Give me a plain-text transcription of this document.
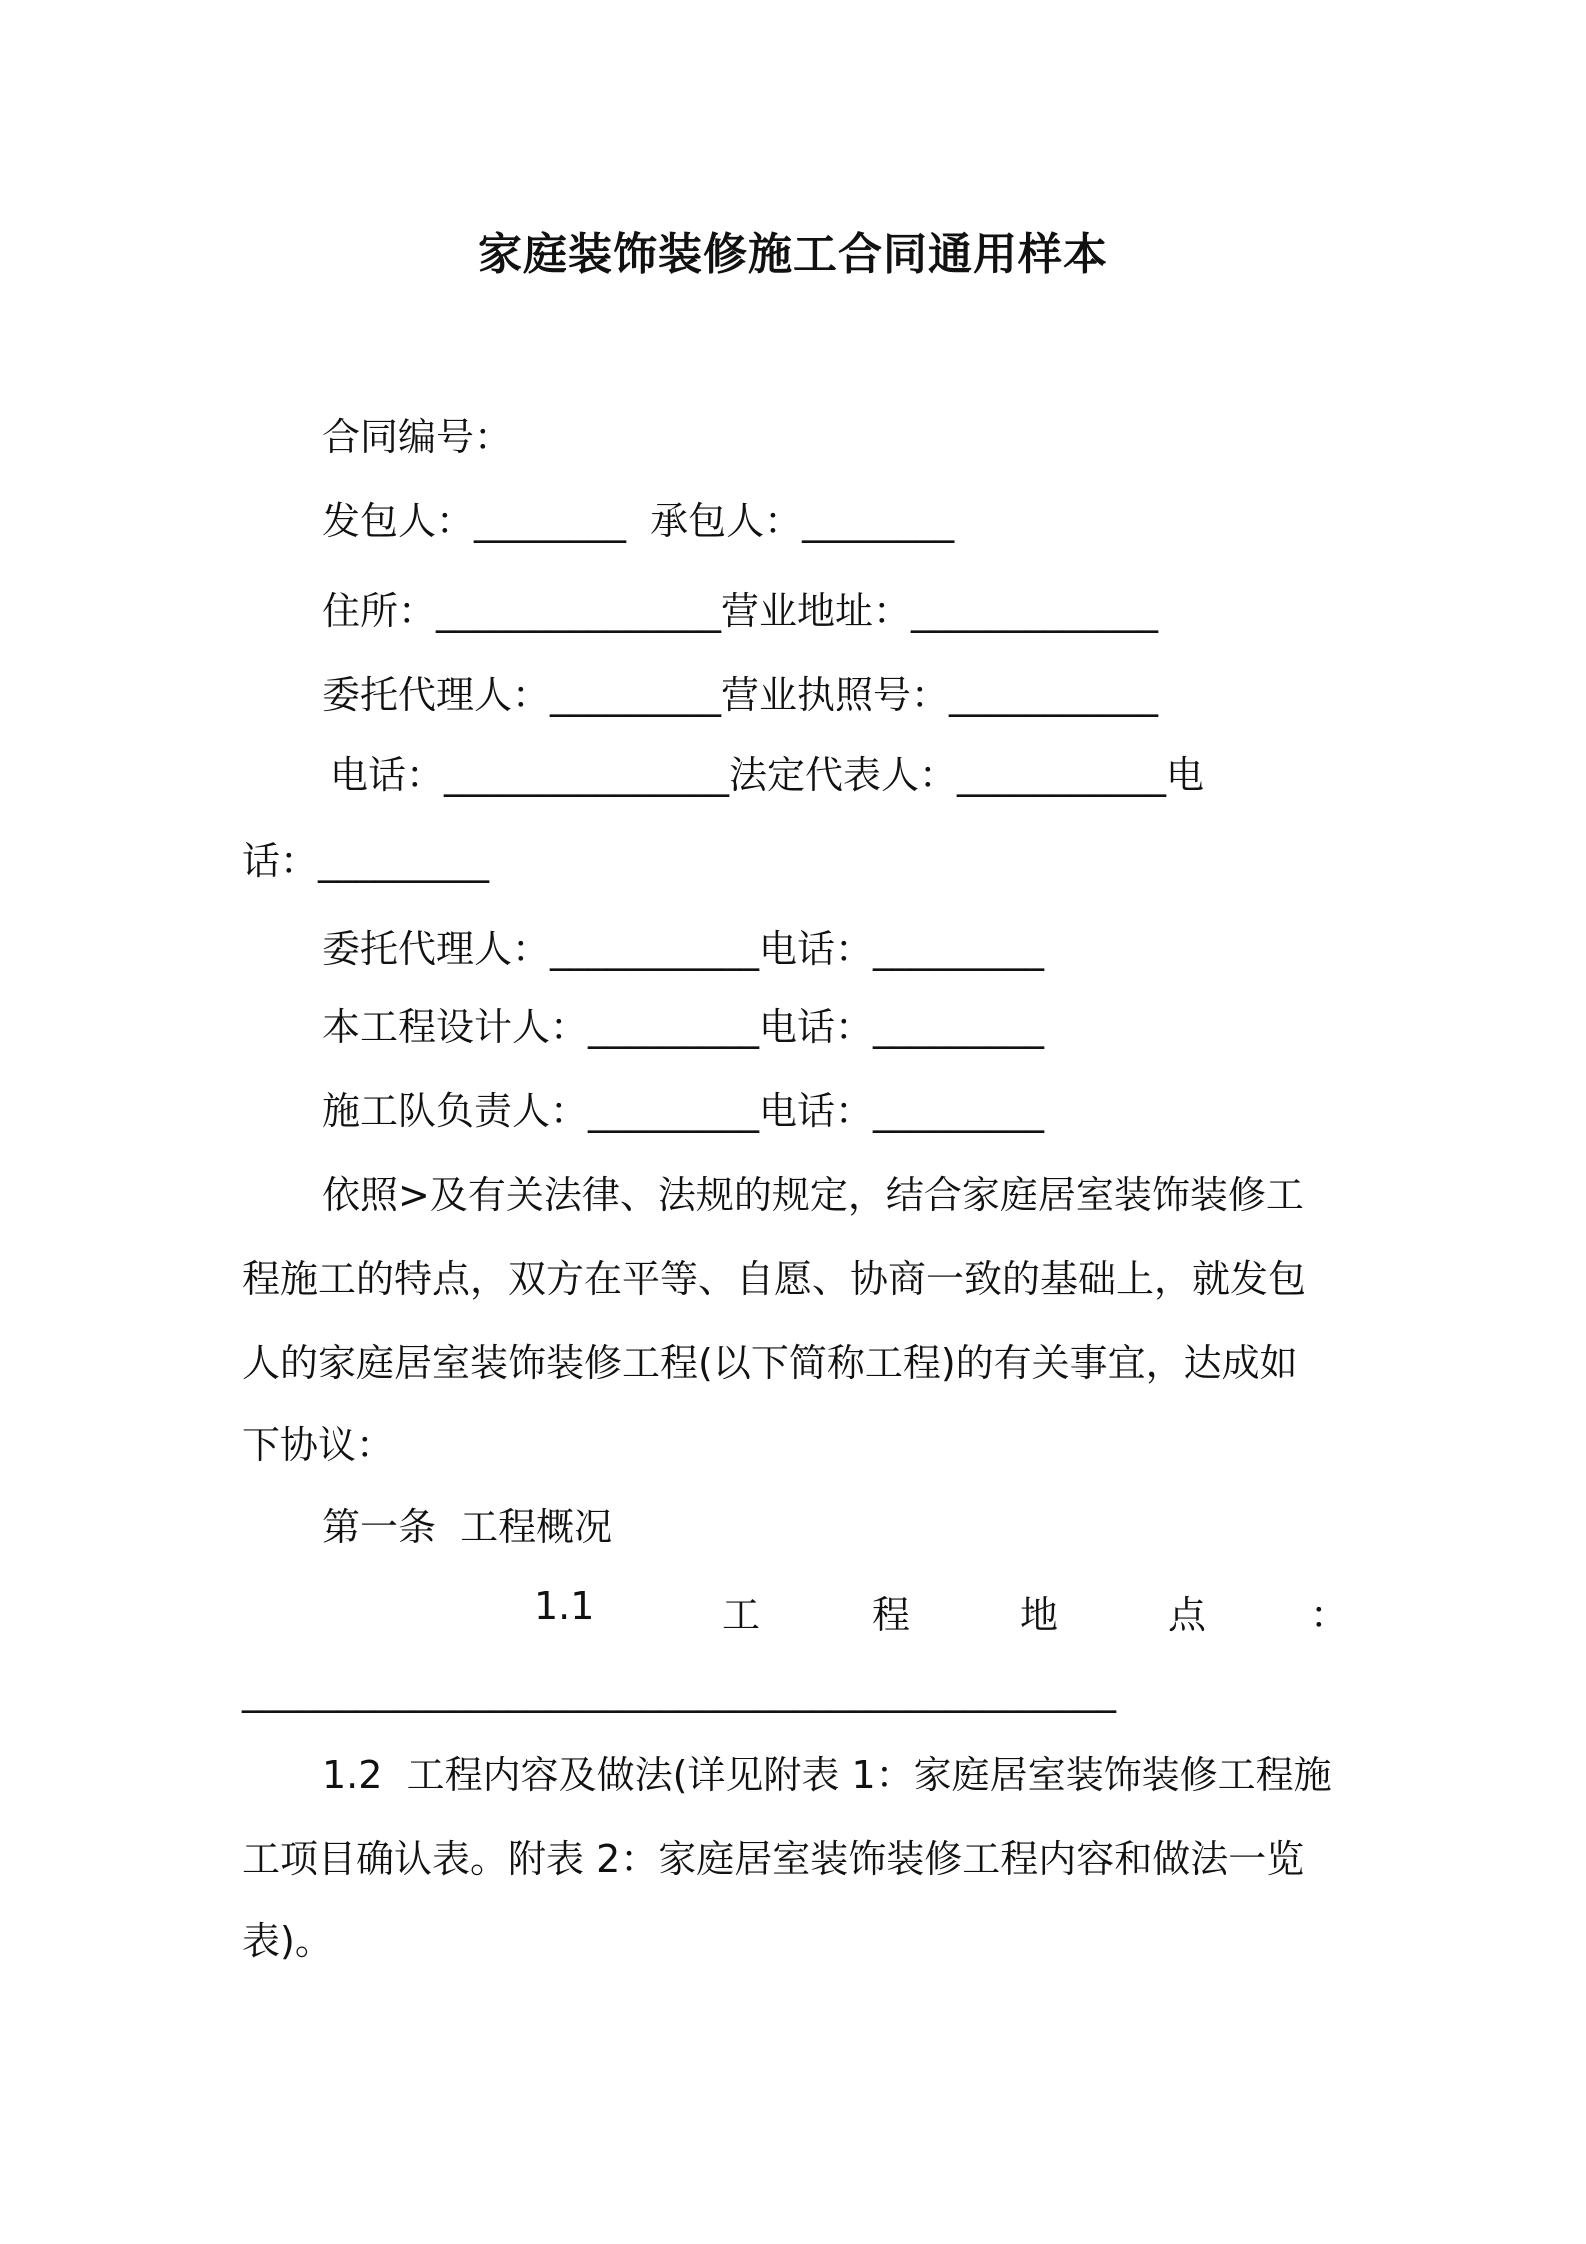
家庭装饰装修施工合同通用样本
合同编号：
发包人：________  承包人：________
住所：_______________营业地址：_____________
委托代理人：_________营业执照号：___________
电话：_______________法定代表人：___________电
话：_________
委托代理人：___________电话：_________
本工程设计人：_________电话：_________
施工队负责人：_________电话：_________
依照>及有关法律、法规的规定，结合家庭居室装饰装修工
程施工的特点，双方在平等、自愿、协商一致的基础上，就发包
人的家庭居室装饰装修工程(以下简称工程)的有关事宜，达成如
下协议：
第一条  工程概况
1.1	工	程	地	点	：
______________________________________________
1.2  工程内容及做法(详见附表 1：家庭居室装饰装修工程施
工项目确认表。附表 2：家庭居室装饰装修工程内容和做法一览
表)。
